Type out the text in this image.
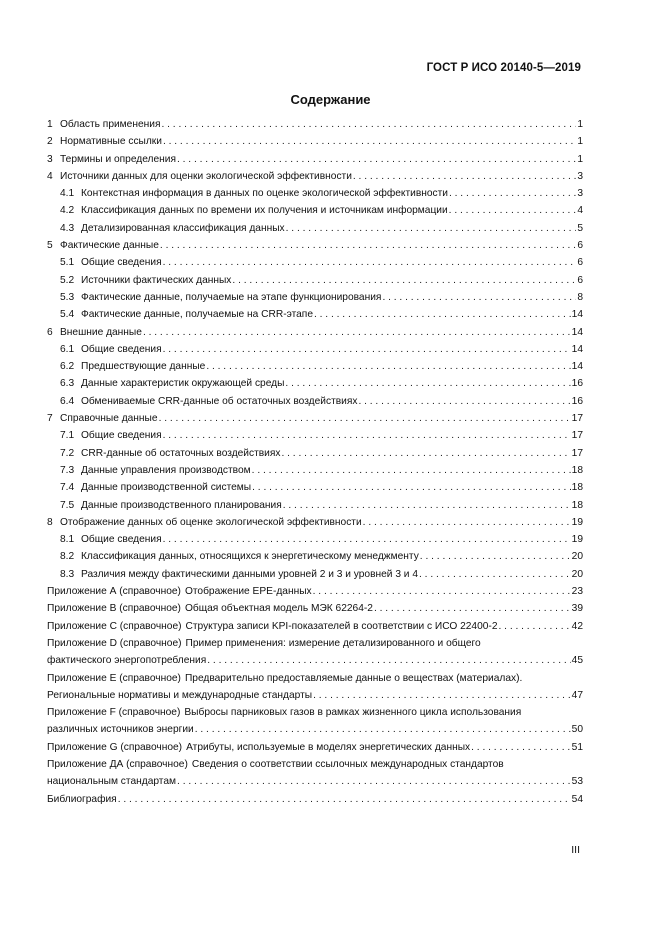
ГОСТ Р ИСО 20140-5—2019
Содержание
1 Область применения . . .	1
2 Нормативные ссылки . . .	1
3 Термины и определения . . .	1
4 Источники данных для оценки экологической эффективности . . .	3
4.1 Контекстная информация в данных по оценке экологической эффективности . . .	3
4.2 Классификация данных по времени их получения и источникам информации . . .	4
4.3 Детализированная классификация данных . . .	5
5 Фактические данные . . .	6
5.1 Общие сведения . . .	6
5.2 Источники фактических данных . . .	6
5.3 Фактические данные, получаемые на этапе функционирования . . .	8
5.4 Фактические данные, получаемые на CRR-этапе . . .	14
6 Внешние данные . . .	14
6.1 Общие сведения . . .	14
6.2 Предшествующие данные . . .	14
6.3 Данные характеристик окружающей среды . . .	16
6.4 Обмениваемые CRR-данные об остаточных воздействиях . . .	16
7 Справочные данные . . .	17
7.1 Общие сведения . . .	17
7.2 CRR-данные об остаточных воздействиях . . .	17
7.3 Данные управления производством . . .	18
7.4 Данные производственной системы . . .	18
7.5 Данные производственного планирования . . .	18
8 Отображение данных об оценке экологической эффективности . . .	19
8.1 Общие сведения . . .	19
8.2 Классификация данных, относящихся к энергетическому менеджменту . . .	20
8.3 Различия между фактическими данными уровней 2 и 3 и уровней 3 и 4 . . .	20
Приложение А (справочное) Отображение EPE-данных . . .	23
Приложение В (справочное) Общая объектная модель МЭК 62264-2 . . .	39
Приложение С (справочное) Структура записи KPI-показателей в соответствии с ИСО 22400-2 . . .	42
Приложение D (справочное) Пример применения: измерение детализированного и общего
фактического энергопотребления . . .	45
Приложение Е (справочное) Предварительно предоставляемые данные о веществах (материалах).
Региональные нормативы и международные стандарты . . .	47
Приложение F (справочное) Выбросы парниковых газов в рамках жизненного цикла использования
различных источников энергии . . .	50
Приложение G (справочное) Атрибуты, используемые в моделях энергетических данных . . .	51
Приложение ДА (справочное) Сведения о соответствии ссылочных международных стандартов
национальным стандартам . . .	53
Библиография . . .	54
III
